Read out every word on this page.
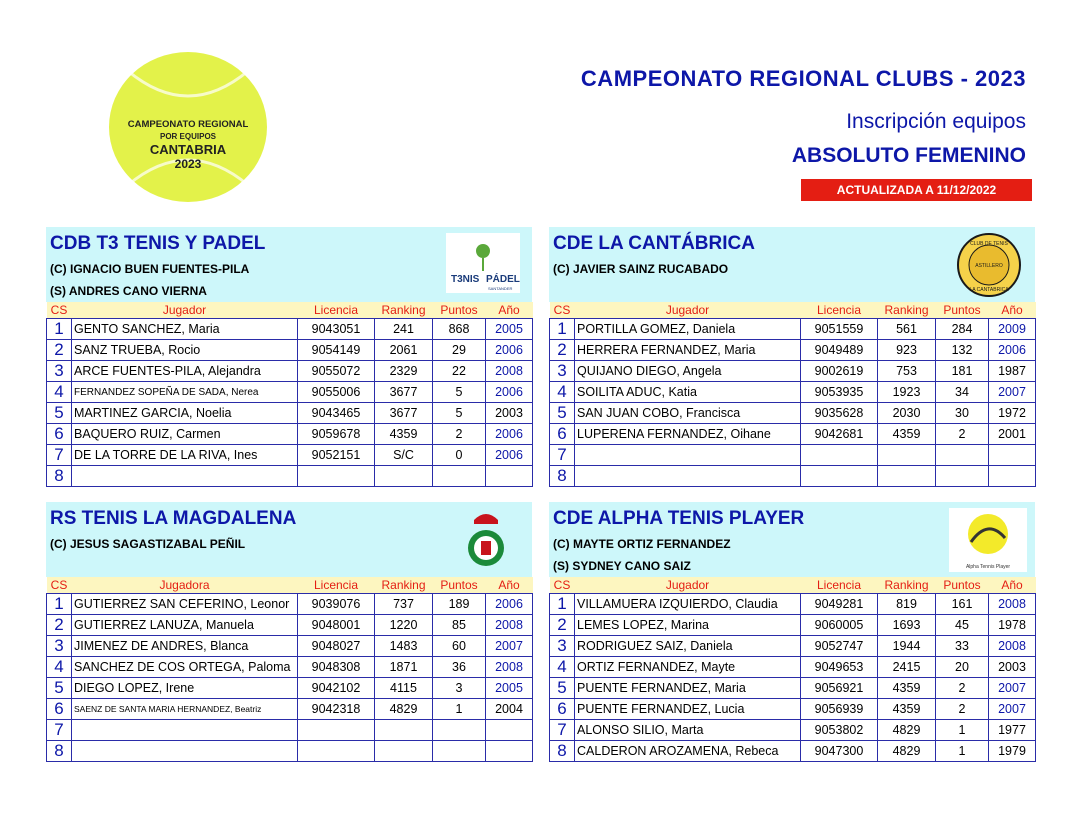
CAMPEONATO REGIONAL
POR EQUIPOS
CANTABRIA
2023
CAMPEONATO REGIONAL CLUBS - 2023
Inscripción equipos
ABSOLUTO FEMENINO
ACTUALIZADA A 11/12/2022
CDB T3 TENIS Y PADEL
(C) IGNACIO BUEN FUENTES-PILA
(S) ANDRES CANO VIERNA
T3NIS PÁDEL
SANTANDER
CS	Jugador	Licencia	Ranking	Puntos	Año
1	GENTO SANCHEZ, Maria	9043051	241	868	2005
2	SANZ TRUEBA, Rocio	9054149	2061	29	2006
3	ARCE FUENTES-PILA, Alejandra	9055072	2329	22	2008
4	FERNANDEZ SOPEÑA DE SADA, Nerea	9055006	3677	5	2006
5	MARTINEZ GARCIA, Noelia	9043465	3677	5	2003
6	BAQUERO RUIZ, Carmen	9059678	4359	2	2006
7	DE LA TORRE DE LA RIVA, Ines	9052151	S/C	0	2006
8					
CDE LA CANTÁBRICA
(C) JAVIER SAINZ RUCABADO
CLUB DE TENIS
ASTILLERO
LA CANTABRICA
CS	Jugador	Licencia	Ranking	Puntos	Año
1	PORTILLA GOMEZ, Daniela	9051559	561	284	2009
2	HERRERA FERNANDEZ, Maria	9049489	923	132	2006
3	QUIJANO DIEGO, Angela	9002619	753	181	1987
4	SOILITA ADUC, Katia	9053935	1923	34	2007
5	SAN JUAN COBO, Francisca	9035628	2030	30	1972
6	LUPERENA FERNANDEZ, Oihane	9042681	4359	2	2001
7					
8					
RS TENIS LA MAGDALENA
(C) JESUS SAGASTIZABAL PEÑIL
CS	Jugadora	Licencia	Ranking	Puntos	Año
1	GUTIERREZ SAN CEFERINO, Leonor	9039076	737	189	2006
2	GUTIERREZ LANUZA, Manuela	9048001	1220	85	2008
3	JIMENEZ DE ANDRES, Blanca	9048027	1483	60	2007
4	SANCHEZ DE COS ORTEGA, Paloma	9048308	1871	36	2008
5	DIEGO LOPEZ, Irene	9042102	4115	3	2005
6	SAENZ DE SANTA MARIA HERNANDEZ, Beatriz	9042318	4829	1	2004
7					
8					
CDE ALPHA TENIS PLAYER
(C) MAYTE ORTIZ FERNANDEZ
(S) SYDNEY CANO SAIZ	Alpha Tennis Player
CS	Jugador	Licencia	Ranking	Puntos	Año
1	VILLAMUERA IZQUIERDO, Claudia	9049281	819	161	2008
2	LEMES LOPEZ, Marina	9060005	1693	45	1978
3	RODRIGUEZ SAIZ, Daniela	9052747	1944	33	2008
4	ORTIZ FERNANDEZ, Mayte	9049653	2415	20	2003
5	PUENTE FERNANDEZ, Maria	9056921	4359	2	2007
6	PUENTE FERNANDEZ, Lucia	9056939	4359	2	2007
7	ALONSO SILIO, Marta	9053802	4829	1	1977
8	CALDERON AROZAMENA, Rebeca	9047300	4829	1	1979
